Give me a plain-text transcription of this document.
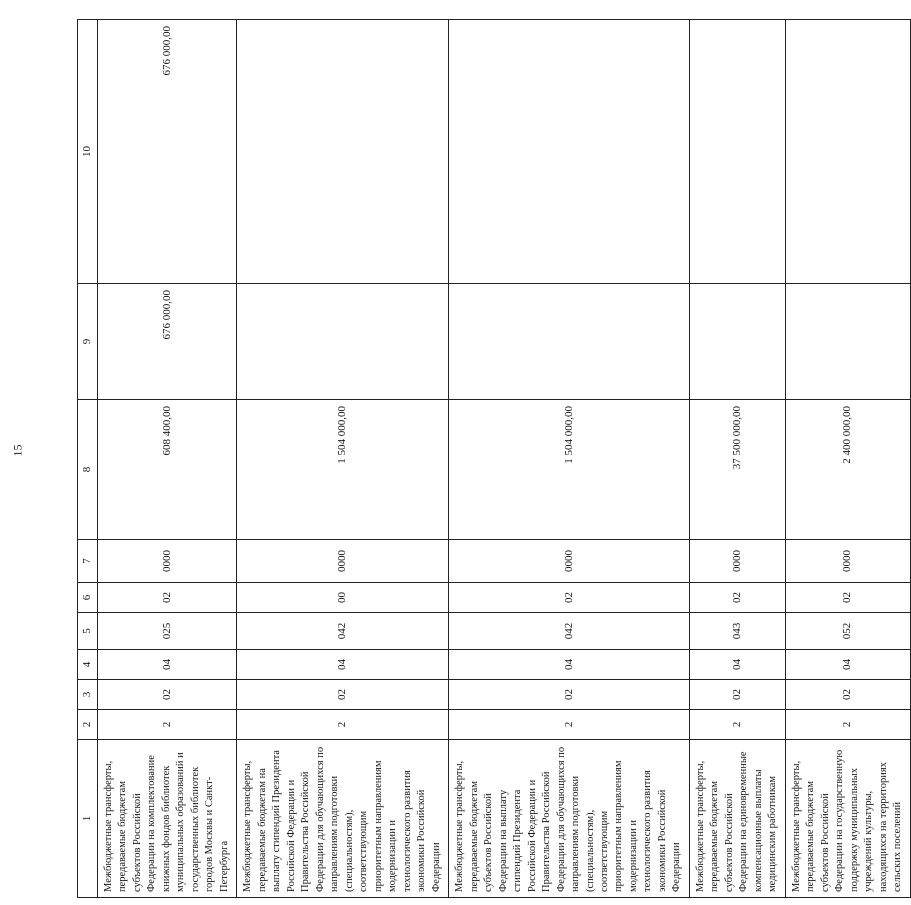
15
1	2	3	4	5	6	7	8	9	10
Межбюджетные трансферты, передаваемые бюджетам субъектов Российской Федерации на комплектование книжных фондов библиотек муниципальных образований и государственных библиотек городов Москвы и Санкт-Петербурга	2	02	04	025	02	0000	608 400,00	676 000,00	676 000,00
Межбюджетные трансферты, передаваемые бюджетам на выплату стипендий Президента Российской Федерации и Правительства Российской Федерации для обучающихся по направлениям подготовки (специальностям), соответствующим приоритетным направлениям модернизации и технологического развития экономики Российской Федерации	2	02	04	042	00	0000	1 504 000,00		
Межбюджетные трансферты, передаваемые бюджетам субъектов Российской Федерации на выплату стипендий Президента Российской Федерации и Правительства Российской Федерации для обучающихся по направлениям подготовки (специальностям), соответствующим приоритетным направлениям модернизации и технологического развития экономики Российской Федерации	2	02	04	042	02	0000	1 504 000,00		
Межбюджетные трансферты, передаваемые бюджетам субъектов Российской Федерации на единовременные компенсационные выплаты медицинским работникам	2	02	04	043	02	0000	37 500 000,00		
Межбюджетные трансферты, передаваемые бюджетам субъектов Российской Федерации на государственную поддержку муниципальных учреждений культуры, находящихся на территориях сельских поселений	2	02	04	052	02	0000	2 400 000,00		
